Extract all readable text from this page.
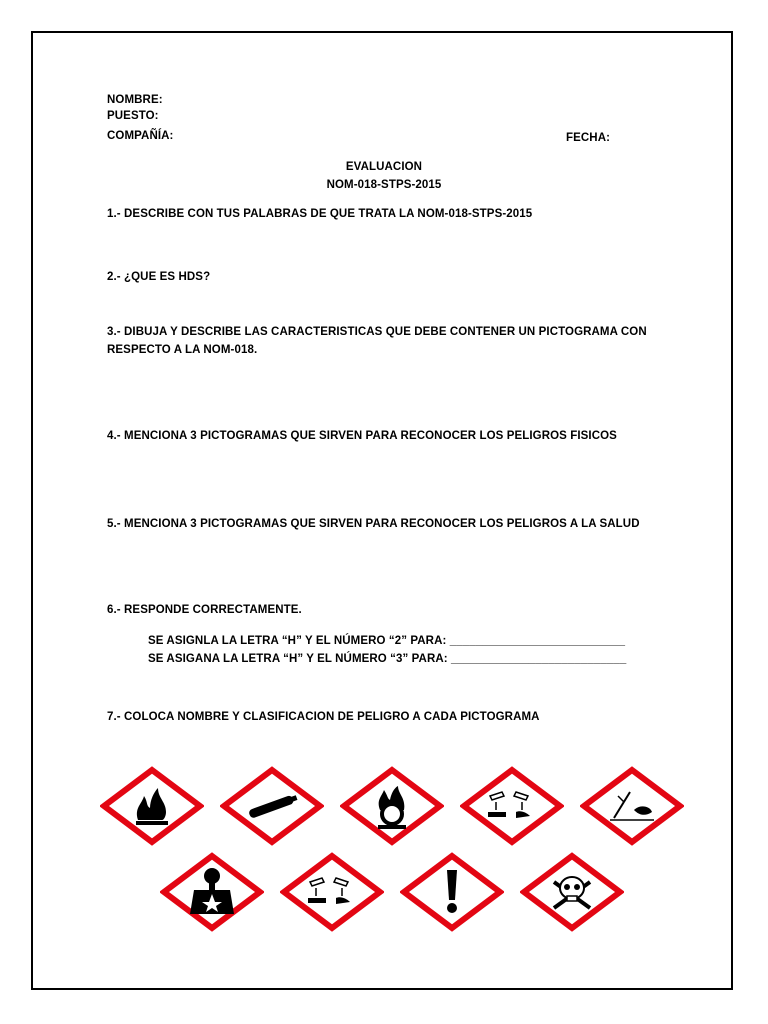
NOMBRE:
PUESTO:
COMPAÑÍA:	FECHA:
EVALUACION
NOM-018-STPS-2015
1.- DESCRIBE CON TUS PALABRAS DE QUE TRATA LA NOM-018-STPS-2015
2.- ¿QUE ES HDS?
3.- DIBUJA Y DESCRIBE LAS CARACTERISTICAS QUE DEBE CONTENER UN PICTOGRAMA CON
RESPECTO A LA NOM-018.
4.- MENCIONA 3 PICTOGRAMAS QUE SIRVEN PARA RECONOCER LOS PELIGROS FISICOS
5.- MENCIONA 3 PICTOGRAMAS QUE SIRVEN PARA RECONOCER LOS PELIGROS A LA SALUD
6.- RESPONDE CORRECTAMENTE.
SE ASIGNLA LA LETRA “H” Y EL NÚMERO “2” PARA: ___________________________
SE ASIGANA LA LETRA “H” Y EL NÚMERO “3” PARA: ___________________________
7.- COLOCA NOMBRE Y CLASIFICACION DE PELIGRO A CADA PICTOGRAMA
